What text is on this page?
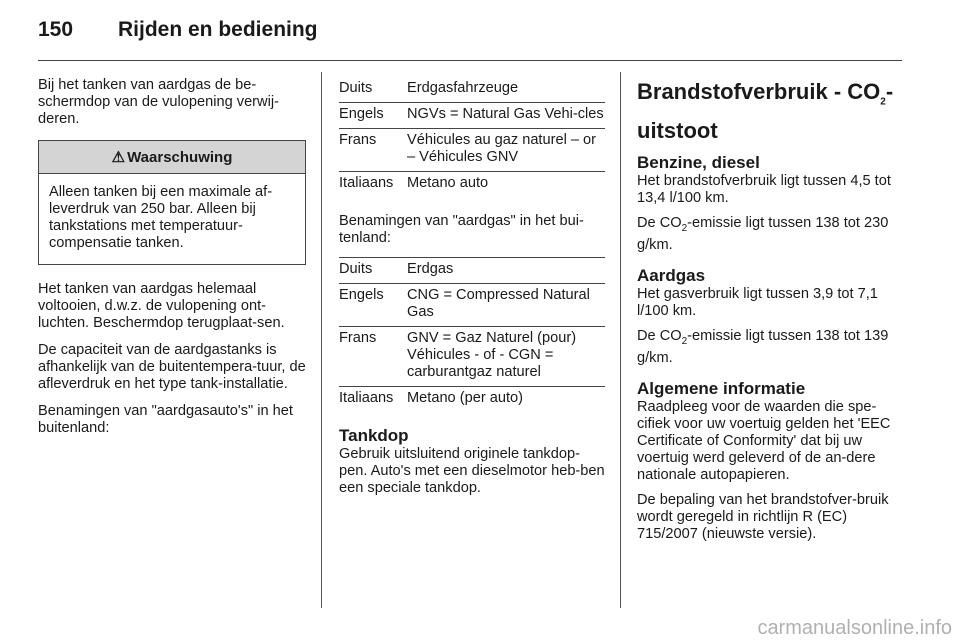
150 Rijden en bediening

Bij het tanken van aardgas de be-schermdop van de vulopening verwij-deren.

⚠ Waarschuwing
Alleen tanken bij een maximale af-leverdruk van 250 bar. Alleen bij tankstations met temperatuur-compensatie tanken.

Het tanken van aardgas helemaal voltooien, d.w.z. de vulopening ont-luchten. Beschermdop terugplaat-sen.

De capaciteit van de aardgastanks is afhankelijk van de buitentempera-tuur, de afleverdruk en het type tank-installatie.

Benamingen van "aardgasauto's" in het buitenland:

Duits	Erdgasfahrzeuge
Engels	NGVs = Natural Gas Vehi-cles
Frans	Véhicules au gaz naturel – or – Véhicules GNV
Italiaans Metano auto

Benamingen van "aardgas" in het bui-tenland:

Duits	Erdgas
Engels	CNG = Compressed Natural Gas
Frans	GNV = Gaz Naturel (pour) Véhicules - of - CGN = carburantgaz naturel
Italiaans Metano (per auto)
Tankdop

Gebruik uitsluitend originele tankdop-pen. Auto's met een dieselmotor heb-ben een speciale tankdop.

Brandstofverbruik - $CO_2$-uitstoot
Benzine, diesel

Het brandstofverbruik ligt tussen 4,5 tot 13,4 l/100 km.

De $CO_2$-emissie ligt tussen 138 tot 230 g/km.

Aardgas

Het gasverbruik ligt tussen 3,9 tot 7,1 l/100 km.

De $CO_2$-emissie ligt tussen 138 tot 139 g/km.

Algemene informatie

Raadpleeg voor de waarden die spe-cifiek voor uw voertuig gelden het 'EEC Certificate of Conformity' dat bij uw voertuig werd geleverd of de an-dere nationale autopapieren.

De bepaling van het brandstofver-bruik wordt geregeld in richtlijn R (EC) 715/2007 (nieuwste versie).

carmanualsonline.info
